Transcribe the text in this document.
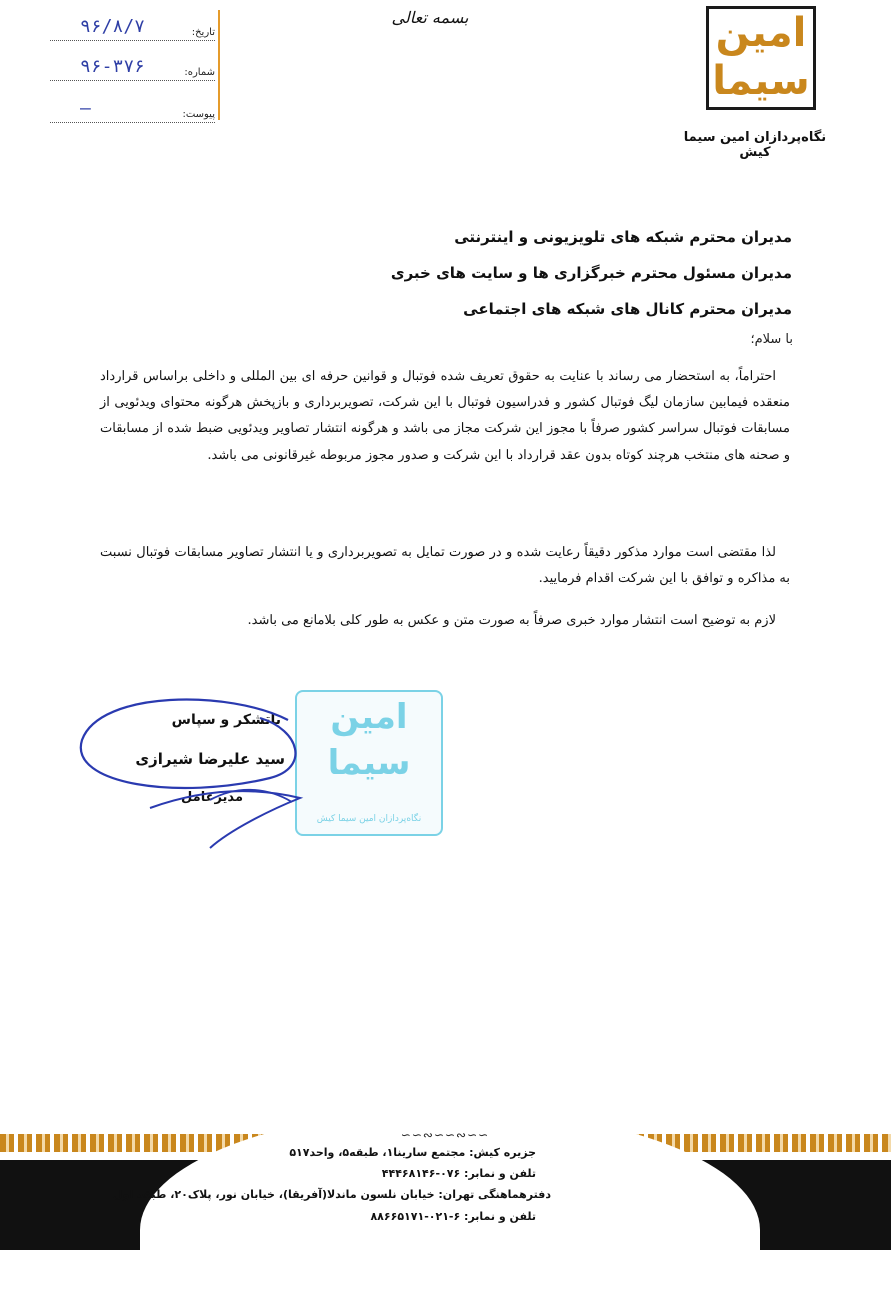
امین
سیما
نگاه‌پردازان امین سیما کیش
بسمه تعالی
تاریخ:
۹۶/۸/۷
شماره:
۹۶-۳۷۶
پیوست:
—
مدیران محترم شبکه های تلویزیونی و اینترنتی
مدیران مسئول محترم خبرگزاری ها و سایت های خبری
مدیران محترم کانال های شبکه های اجتماعی
با سلام؛

احتراماً، به استحضار می رساند با عنایت به حقوق تعریف شده فوتبال و قوانین حرفه ای بین المللی و داخلی براساس قرارداد منعقده فیمابین سازمان لیگ فوتبال کشور و فدراسیون فوتبال با این شرکت، تصویربرداری و بازپخش هرگونه محتوای ویدئویی از مسابقات فوتبال سراسر کشور صرفاً با مجوز این شرکت مجاز می باشد و هرگونه انتشار تصاویر ویدئویی ضبط شده از مسابقات و صحنه های منتخب هرچند کوتاه بدون عقد قرارداد با این شرکت و صدور مجوز مربوطه غیرقانونی می باشد.

لذا مقتضی است موارد مذکور دقیقاً رعایت شده و در صورت تمایل به تصویربرداری و یا انتشار تصاویر مسابقات فوتبال نسبت به مذاکره و توافق با این شرکت اقدام فرمایید.

لازم به توضیح است انتشار موارد خبری صرفاً به صورت متن و عکس به طور کلی بلامانع می باشد.

امین
سیما
نگاه‌پردازان امین سیما کیش
باتشکر و سپاس
سید علیرضا شیرازی
مدیرعامل
∽∽∾∽∽∾∽∽
جزیره کیش: مجتمع سارینا۱، طبقه۵، واحد۵۱۷
تلفن و نمابر: ۰۷۶-۴۴۴۶۸۱۴۶
دفترهماهنگی تهران: خیابان نلسون ماندلا(آفریقا)، خیابان نور، پلاک۲۰، طبقه اول
تلفن و نمابر: ۶-۰۲۱-۸۸۶۶۵۱۷۱
